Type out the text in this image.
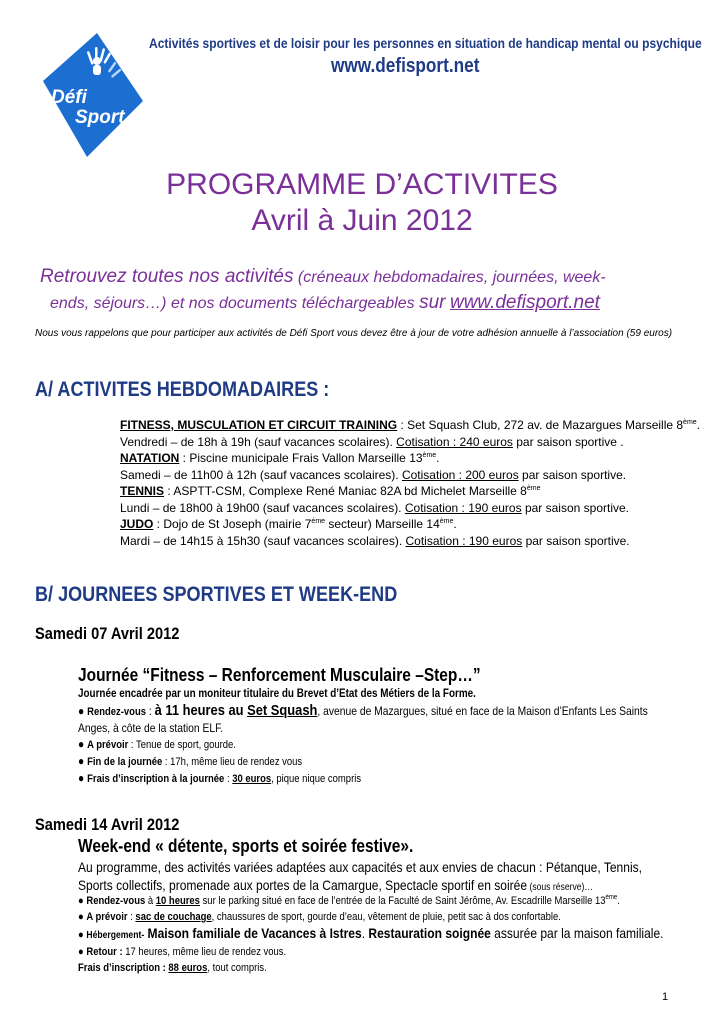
Défi
Sport
Activités sportives et de loisir pour les personnes en situation de handicap mental ou psychique
www.defisport.net
PROGRAMME D’ACTIVITES
Avril à Juin 2012
Retrouvez toutes nos activités (créneaux hebdomadaires, journées, week-
ends, séjours…) et nos documents téléchargeables sur www.defisport.net
Nous vous rappelons que pour participer aux activités de Défi Sport vous devez être à jour de votre adhésion annuelle à l’association (59 euros)
A/ ACTIVITES HEBDOMADAIRES :
FITNESS, MUSCULATION ET CIRCUIT TRAINING : Set Squash Club, 272 av. de Mazargues Marseille 8ème.
Vendredi – de 18h à 19h (sauf vacances scolaires). Cotisation : 240 euros par saison sportive .
NATATION : Piscine municipale Frais Vallon Marseille 13ème.
Samedi – de 11h00 à 12h (sauf vacances scolaires). Cotisation : 200 euros par saison sportive.
TENNIS : ASPTT-CSM, Complexe René Maniac 82A bd Michelet Marseille 8ème
Lundi – de 18h00 à 19h00 (sauf vacances scolaires). Cotisation : 190 euros par saison sportive.
JUDO : Dojo de St Joseph (mairie $7^{éme}$ secteur) Marseille 14ème.
Mardi – de 14h15 à 15h30 (sauf vacances scolaires). Cotisation : 190 euros par saison sportive.
B/ JOURNEES SPORTIVES ET WEEK-END
Samedi 07 Avril 2012
Journée “Fitness – Renforcement Musculaire –Step…”
Journée encadrée par un moniteur titulaire du Brevet d’Etat des Métiers de la Forme.
● Rendez-vous : à 11 heures au Set Squash, avenue de Mazargues, situé en face de la Maison d’Enfants Les Saints
Anges, à côte de la station ELF.
● A prévoir : Tenue de sport, gourde.
● Fin de la journée : 17h, même lieu de rendez vous
● Frais d’inscription à la journée : 30 euros, pique nique compris
Samedi 14 Avril 2012
Week-end « détente, sports et soirée festive».
Au programme, des activités variées adaptées aux capacités et aux envies de chacun : Pétanque, Tennis,
Sports collectifs, promenade aux portes de la Camargue, Spectacle sportif en soirée (sous réserve)…
● Rendez-vous à 10 heures sur le parking situé en face de l’entrée de la Faculté de Saint Jérôme, Av. Escadrille Marseille 13ème.
● A prévoir : sac de couchage, chaussures de sport, gourde d’eau, vêtement de pluie, petit sac à dos confortable.
● Hébergement- Maison familiale de Vacances à Istres. Restauration soignée assurée par la maison familiale.
● Retour : 17 heures, même lieu de rendez vous.
Frais d’inscription : 88 euros, tout compris.
1
